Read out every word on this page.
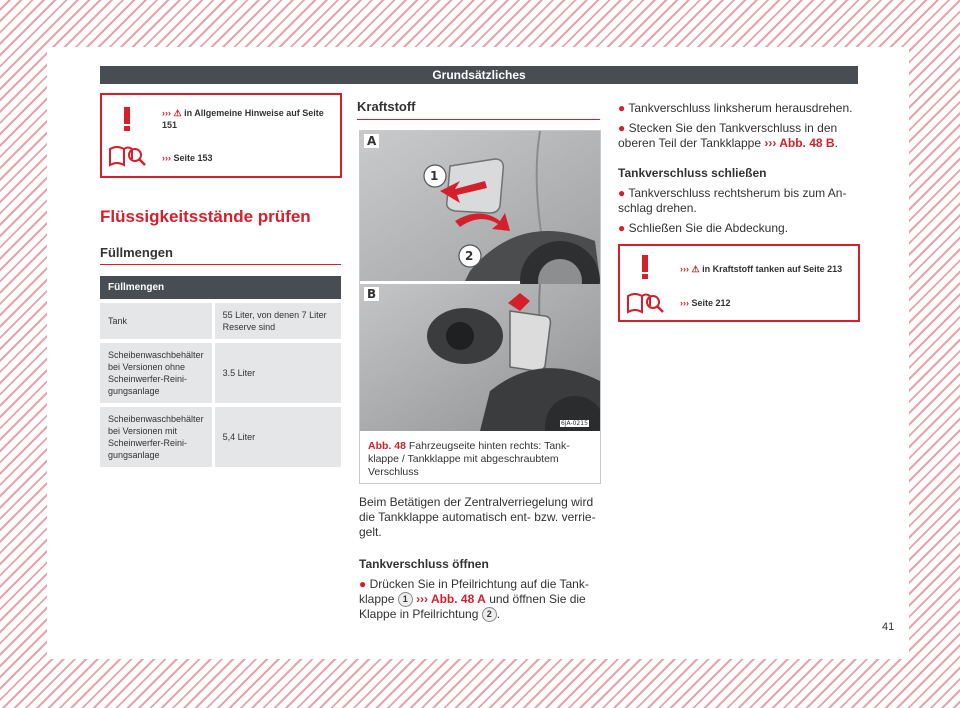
Grundsätzliches
››› ⚠ in Allgemeine Hinweise auf Seite 151
››› Seite 153
Flüssigkeitsstände prüfen
Füllmengen
Füllmengen	
Tank	55 Liter, von denen 7 Liter Reserve sind
Scheibenwaschbehälter bei Versionen ohne Scheinwerfer-Reini-gungsanlage	3.5 Liter
Scheibenwaschbehälter bei Versionen mit Scheinwerfer-Reini-gungsanlage	5,4 Liter
Kraftstoff
A
B
1
2
6JA-0215
Abb. 48 Fahrzeugseite hinten rechts: Tank-klappe / Tankklappe mit abgeschraubtem Verschluss
Beim Betätigen der Zentralverriegelung wird die Tankklappe automatisch ent- bzw. verrie-gelt.
Tankverschluss öffnen
● Drücken Sie in Pfeilrichtung auf die Tank-klappe 1 ››› Abb. 48 A und öffnen Sie die Klappe in Pfeilrichtung 2 .
● Tankverschluss linksherum herausdrehen.
● Stecken Sie den Tankverschluss in den oberen Teil der Tankklappe ››› Abb. 48 B.
Tankverschluss schließen
● Tankverschluss rechtsherum bis zum An-schlag drehen.
● Schließen Sie die Abdeckung.
››› ⚠ in Kraftstoff tanken auf Seite 213
››› Seite 212
41
